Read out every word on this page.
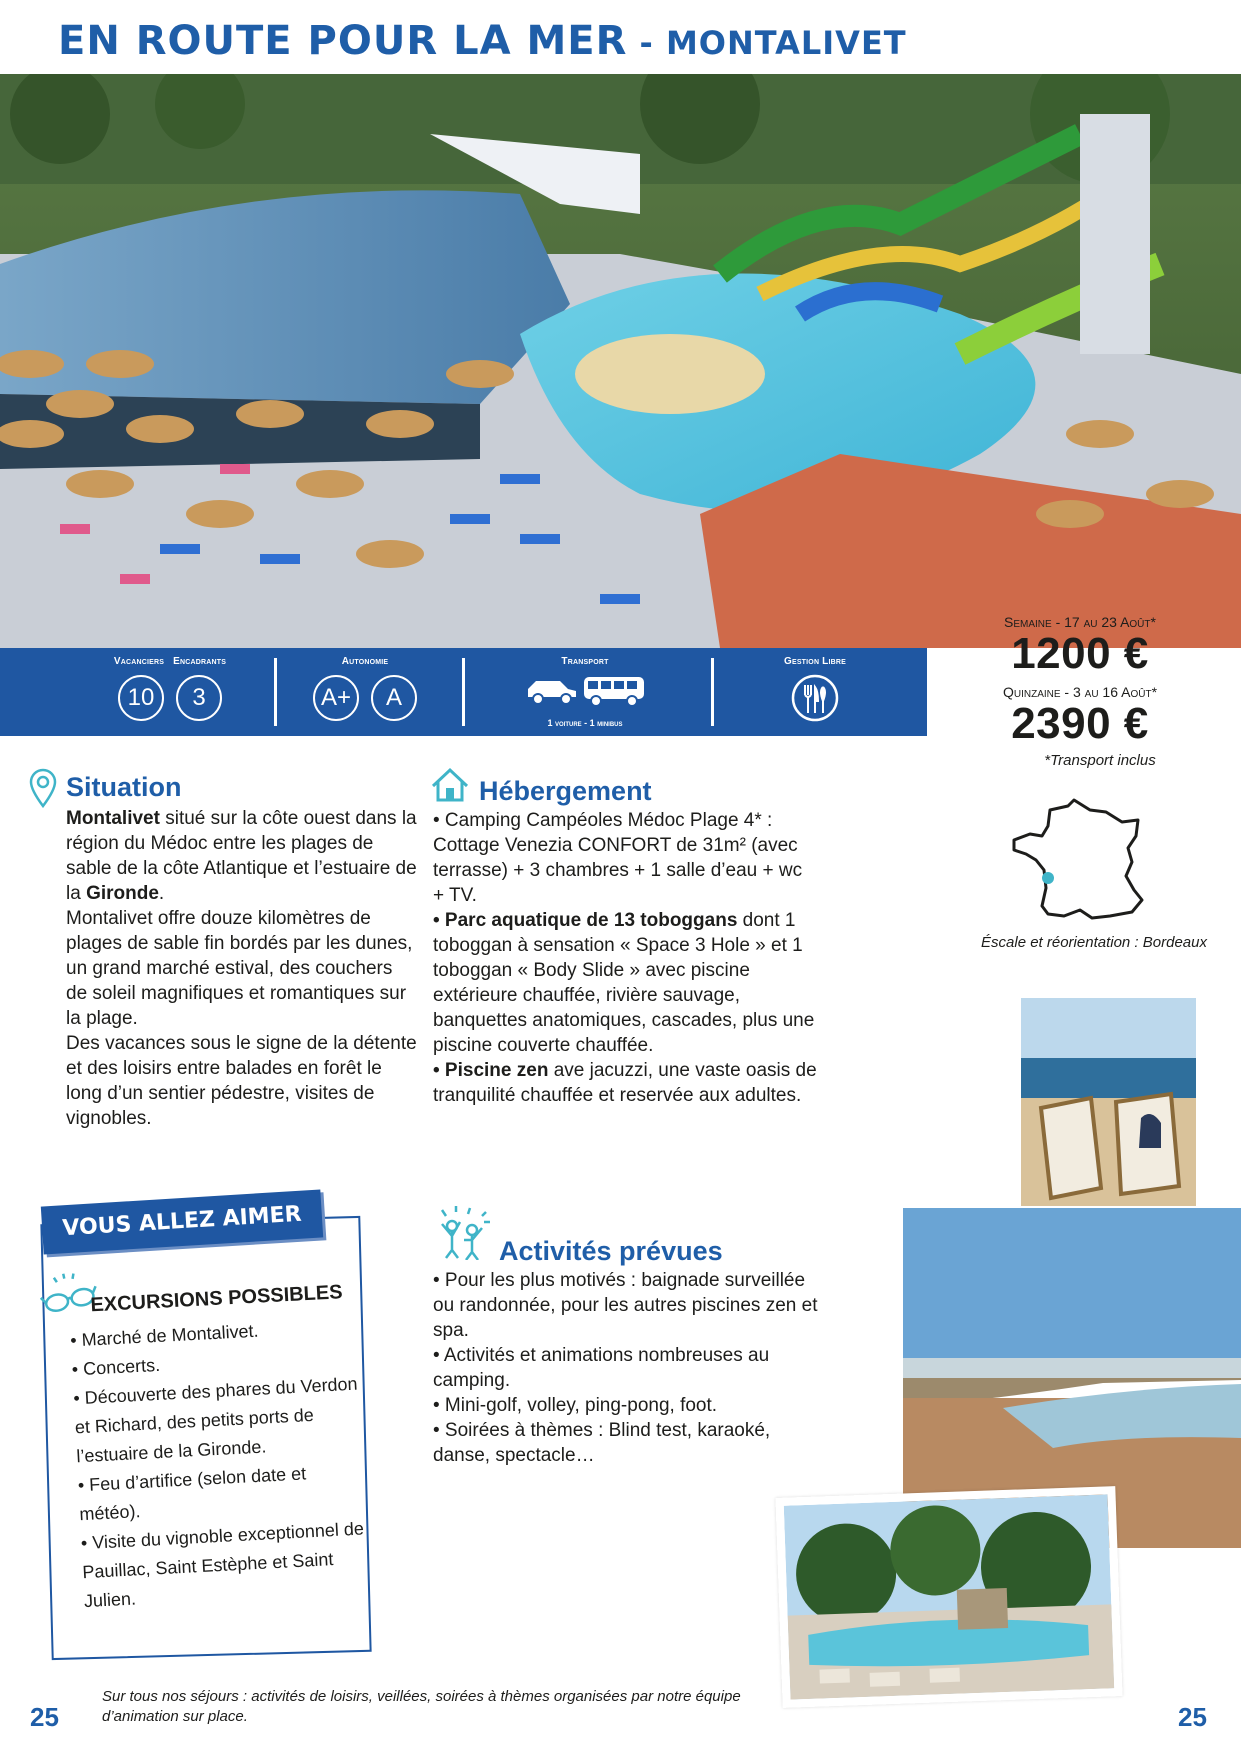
EN ROUTE POUR LA MER - MONTALIVET
Vacanciers Encadrants
10 3
Autonomie
A+ A
Transport
1 voiture - 1 minibus
Gestion Libre
Semaine - 17 au 23 Août*
1200 €
Quinzaine - 3 au 16 Août*
2390 €
*Transport inclus
Éscale et réorientation : Bordeaux
Situation

Montalivet situé sur la côte ouest dans la région du Médoc entre les plages de sable de la côte Atlantique et l’estuaire de la Gironde.

Montalivet offre douze kilomètres de plages de sable fin bordés par les dunes, un grand marché estival, des couchers de soleil magnifiques et romantiques sur la plage.

Des vacances sous le signe de la détente et des loisirs entre balades en forêt le long d’un sentier pédestre, visites de vignobles.

Hébergement

• Camping Campéoles Médoc Plage 4* : Cottage Venezia CONFORT de 31m² (avec terrasse) + 3 chambres + 1 salle d’eau + wc + TV.

• Parc aquatique de 13 toboggans dont 1 toboggan à sensation « Space 3 Hole » et 1 toboggan « Body Slide » avec piscine extérieure chauffée, rivière sauvage, banquettes anatomiques, cascades, plus une piscine couverte chauffée.

• Piscine zen ave jacuzzi, une vaste oasis de tranquilité chauffée et reservée aux adultes.

VOUS ALLEZ AIMER
EXCURSIONS POSSIBLES
• Marché de Montalivet.
• Concerts.
• Découverte des phares du Verdon et Richard, des petits ports de l’estuaire de la Gironde.
• Feu d’artifice (selon date et météo).
• Visite du vignoble exceptionnel de Pauillac, Saint Estèphe et Saint Julien.
Activités prévues

• Pour les plus motivés : baignade surveillée ou randonnée, pour les autres piscines zen et spa.

• Activités et animations nombreuses au camping.

• Mini-golf, volley, ping-pong, foot.

• Soirées à thèmes : Blind test, karaoké, danse, spectacle…

Sur tous nos séjours : activités de loisirs, veillées, soirées à thèmes organisées par notre équipe d’animation sur place.
25	25
